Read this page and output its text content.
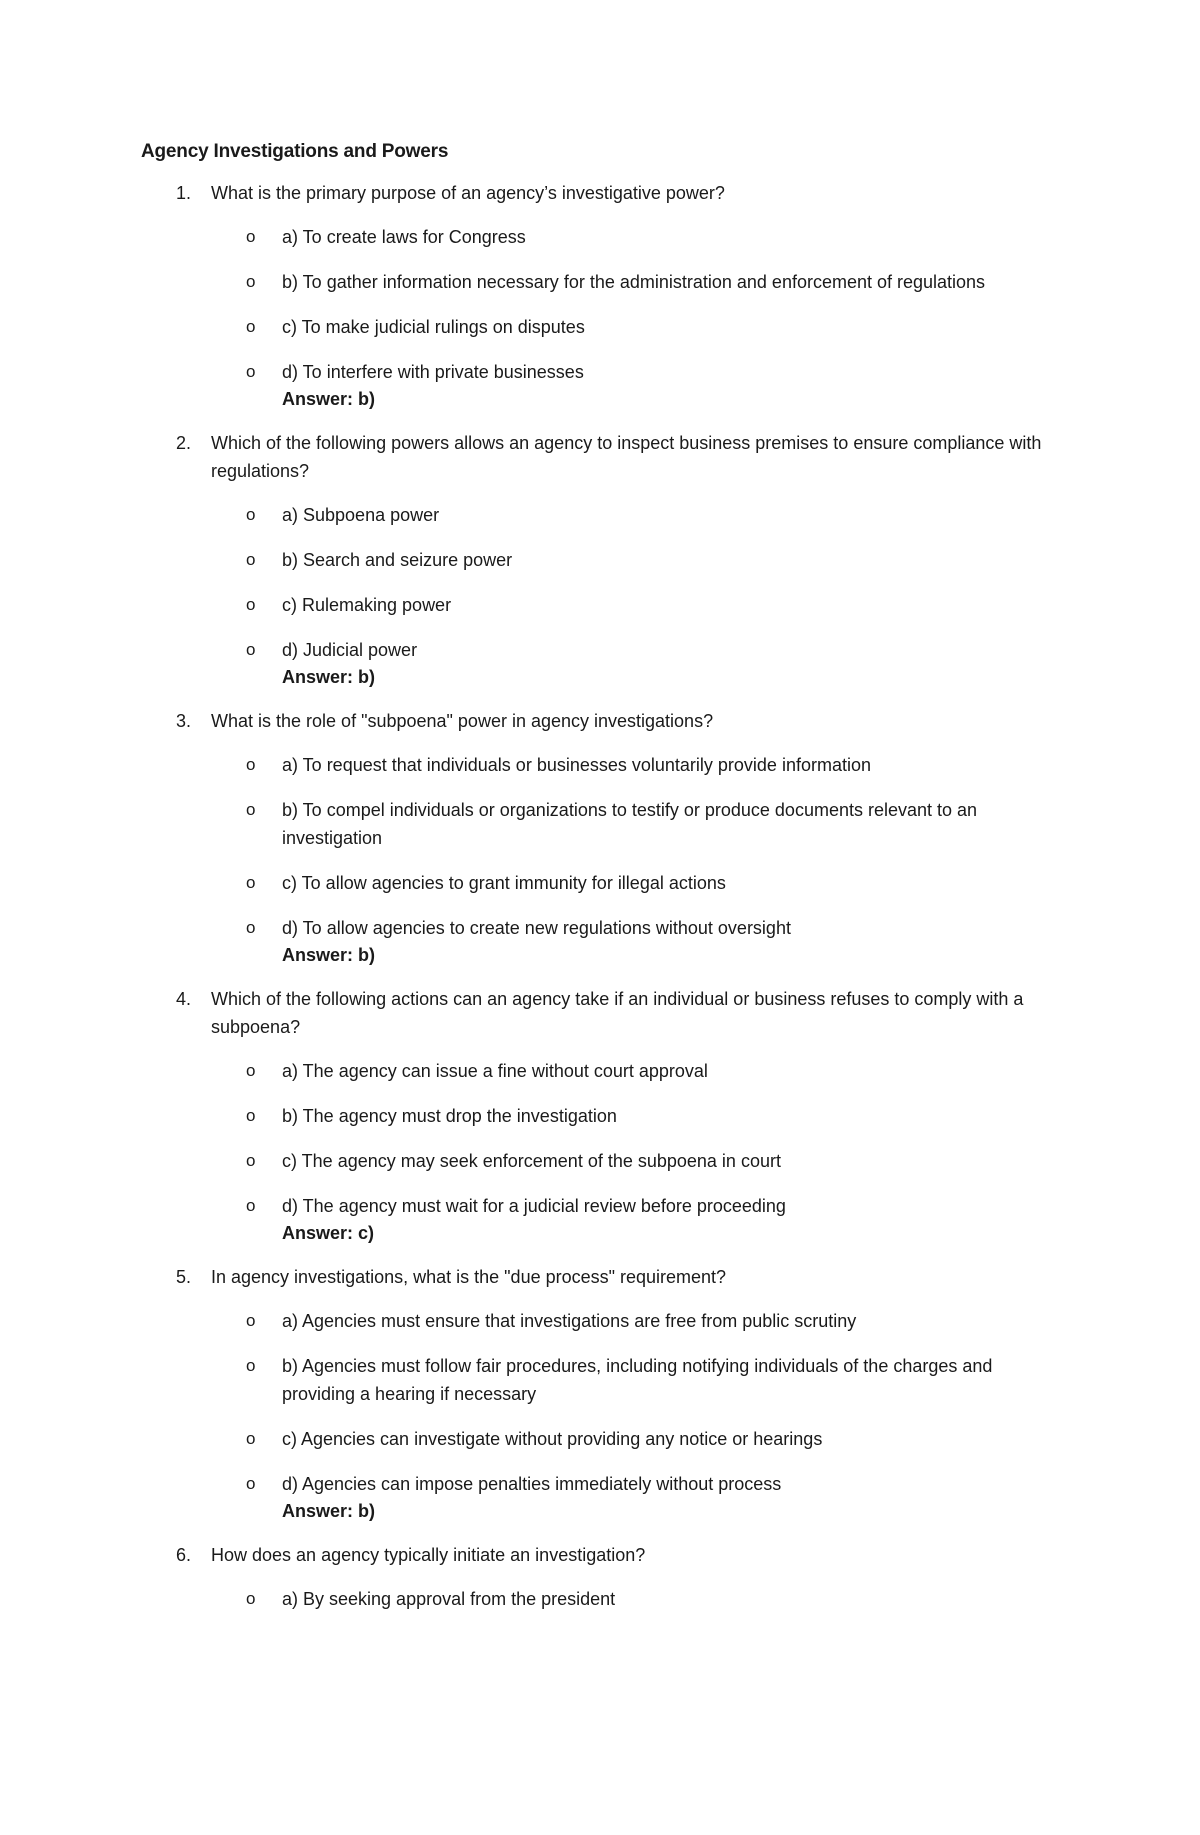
Agency Investigations and Powers
1.	What is the primary purpose of an agency’s investigative power?
o	a) To create laws for Congress
o	b) To gather information necessary for the administration and enforcement of regulations
o	c) To make judicial rulings on disputes
o	d) To interfere with private businesses
Answer: b)
2.	Which of the following powers allows an agency to inspect business premises to ensure compliance with regulations?
o	a) Subpoena power
o	b) Search and seizure power
o	c) Rulemaking power
o	d) Judicial power
Answer: b)
3.	What is the role of "subpoena" power in agency investigations?
o	a) To request that individuals or businesses voluntarily provide information
o	b) To compel individuals or organizations to testify or produce documents relevant to an investigation
o	c) To allow agencies to grant immunity for illegal actions
o	d) To allow agencies to create new regulations without oversight
Answer: b)
4.	Which of the following actions can an agency take if an individual or business refuses to comply with a subpoena?
o	a) The agency can issue a fine without court approval
o	b) The agency must drop the investigation
o	c) The agency may seek enforcement of the subpoena in court
o	d) The agency must wait for a judicial review before proceeding
Answer: c)
5.	In agency investigations, what is the "due process" requirement?
o	a) Agencies must ensure that investigations are free from public scrutiny
o	b) Agencies must follow fair procedures, including notifying individuals of the charges and providing a hearing if necessary
o	c) Agencies can investigate without providing any notice or hearings
o	d) Agencies can impose penalties immediately without process
Answer: b)
6.	How does an agency typically initiate an investigation?
o	a) By seeking approval from the president
